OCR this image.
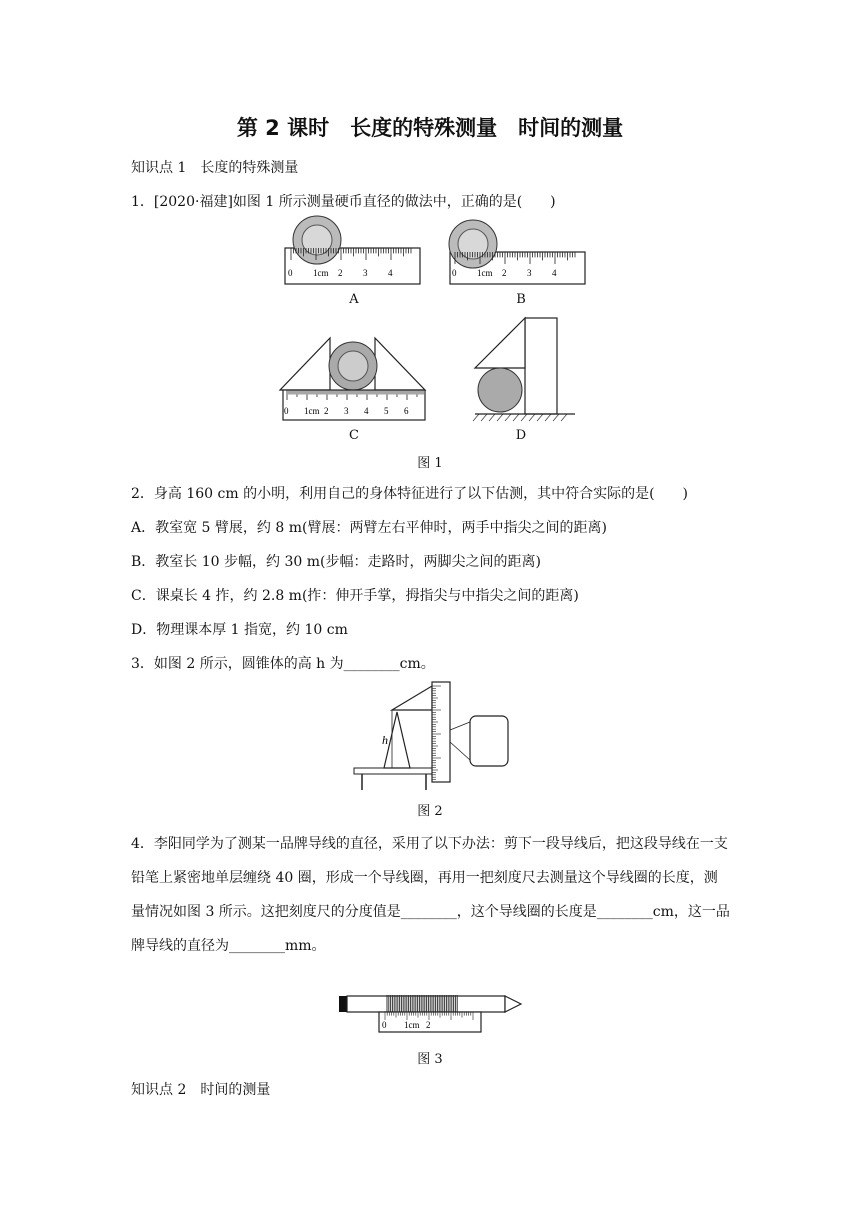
第 2 课时　长度的特殊测量　时间的测量
知识点 1　长度的特殊测量
1．[2020·福建]如图 1 所示测量硬币直径的做法中，正确的是(　　)
0 1cm 2 3 4	0 1cm 2 3 4
0 1cm 2 3 4 5 6
A	B
C	D
图 1
2．身高 160 cm 的小明，利用自己的身体特征进行了以下估测，其中符合实际的是(　　)
A．教室宽 5 臂展，约 8 m(臂展：两臂左右平伸时，两手中指尖之间的距离)
B．教室长 10 步幅，约 30 m(步幅：走路时，两脚尖之间的距离)
C．课桌长 4 拃，约 2.8 m(拃：伸开手掌，拇指尖与中指尖之间的距离)
D．物理课本厚 1 指宽，约 10 cm
3．如图 2 所示，圆锥体的高 h 为________cm。
h
图 2
4．李阳同学为了测某一品牌导线的直径，采用了以下办法：剪下一段导线后，把这段导线在一支铅笔上紧密地单层缠绕 40 圈，形成一个导线圈，再用一把刻度尺去测量这个导线圈的长度，测量情况如图 3 所示。这把刻度尺的分度值是________，这个导线圈的长度是________cm，这一品牌导线的直径为________mm。
0 1cm 2
图 3
知识点 2　时间的测量
